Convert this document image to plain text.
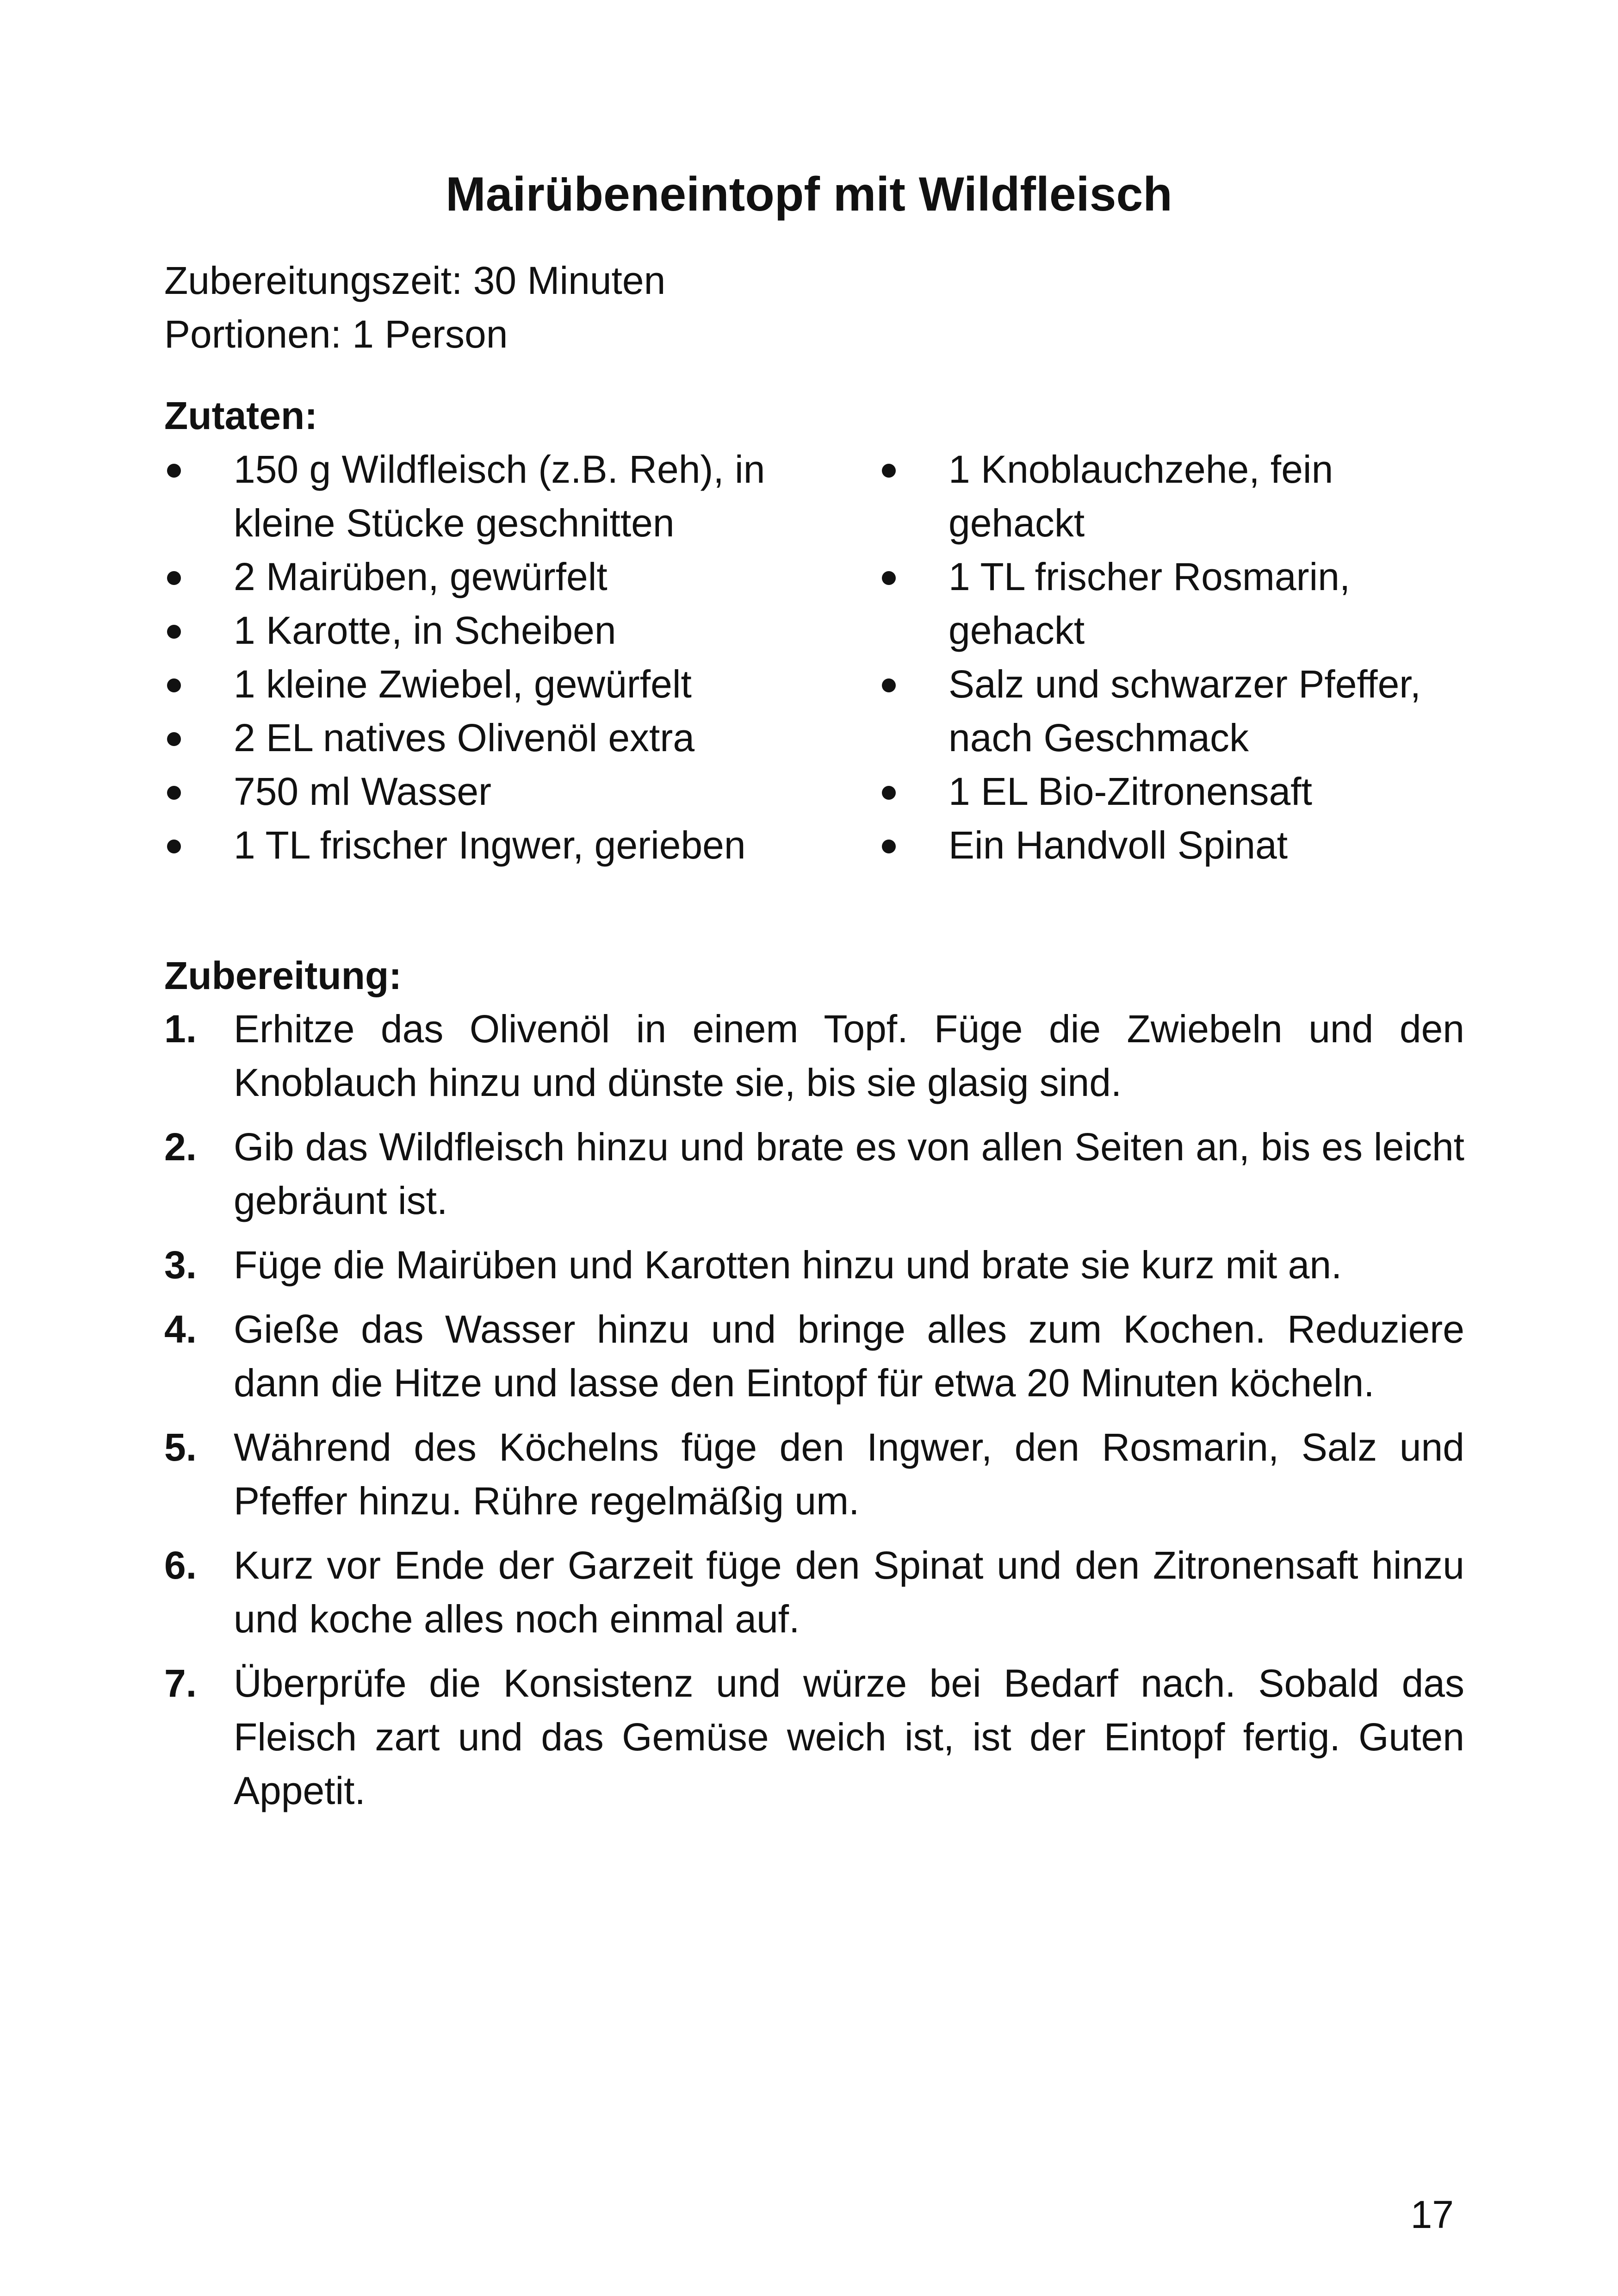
Mairübeneintopf mit Wildfleisch
Zubereitungszeit: 30 Minuten
Portionen: 1 Person
Zutaten:
150 g Wildfleisch (z.B. Reh), in kleine Stücke geschnitten
2 Mairüben, gewürfelt
1 Karotte, in Scheiben
1 kleine Zwiebel, gewürfelt
2 EL natives Olivenöl extra
750 ml Wasser
1 TL frischer Ingwer, gerieben
1 Knoblauchzehe, fein gehackt
1 TL frischer Rosmarin, gehackt
Salz und schwarzer Pfeffer, nach Geschmack
1 EL Bio-Zitronensaft
Ein Handvoll Spinat
Zubereitung:
1. Erhitze das Olivenöl in einem Topf. Füge die Zwiebeln und den Knoblauch hinzu und dünste sie, bis sie glasig sind.
2. Gib das Wildfleisch hinzu und brate es von allen Seiten an, bis es leicht gebräunt ist.
3. Füge die Mairüben und Karotten hinzu und brate sie kurz mit an.
4. Gieße das Wasser hinzu und bringe alles zum Kochen. Reduziere dann die Hitze und lasse den Eintopf für etwa 20 Minuten köcheln.
5. Während des Köchelns füge den Ingwer, den Rosmarin, Salz und Pfeffer hinzu. Rühre regelmäßig um.
6. Kurz vor Ende der Garzeit füge den Spinat und den Zitronensaft hinzu und koche alles noch einmal auf.
7. Überprüfe die Konsistenz und würze bei Bedarf nach. Sobald das Fleisch zart und das Gemüse weich ist, ist der Eintopf fertig. Guten Appetit.
17
